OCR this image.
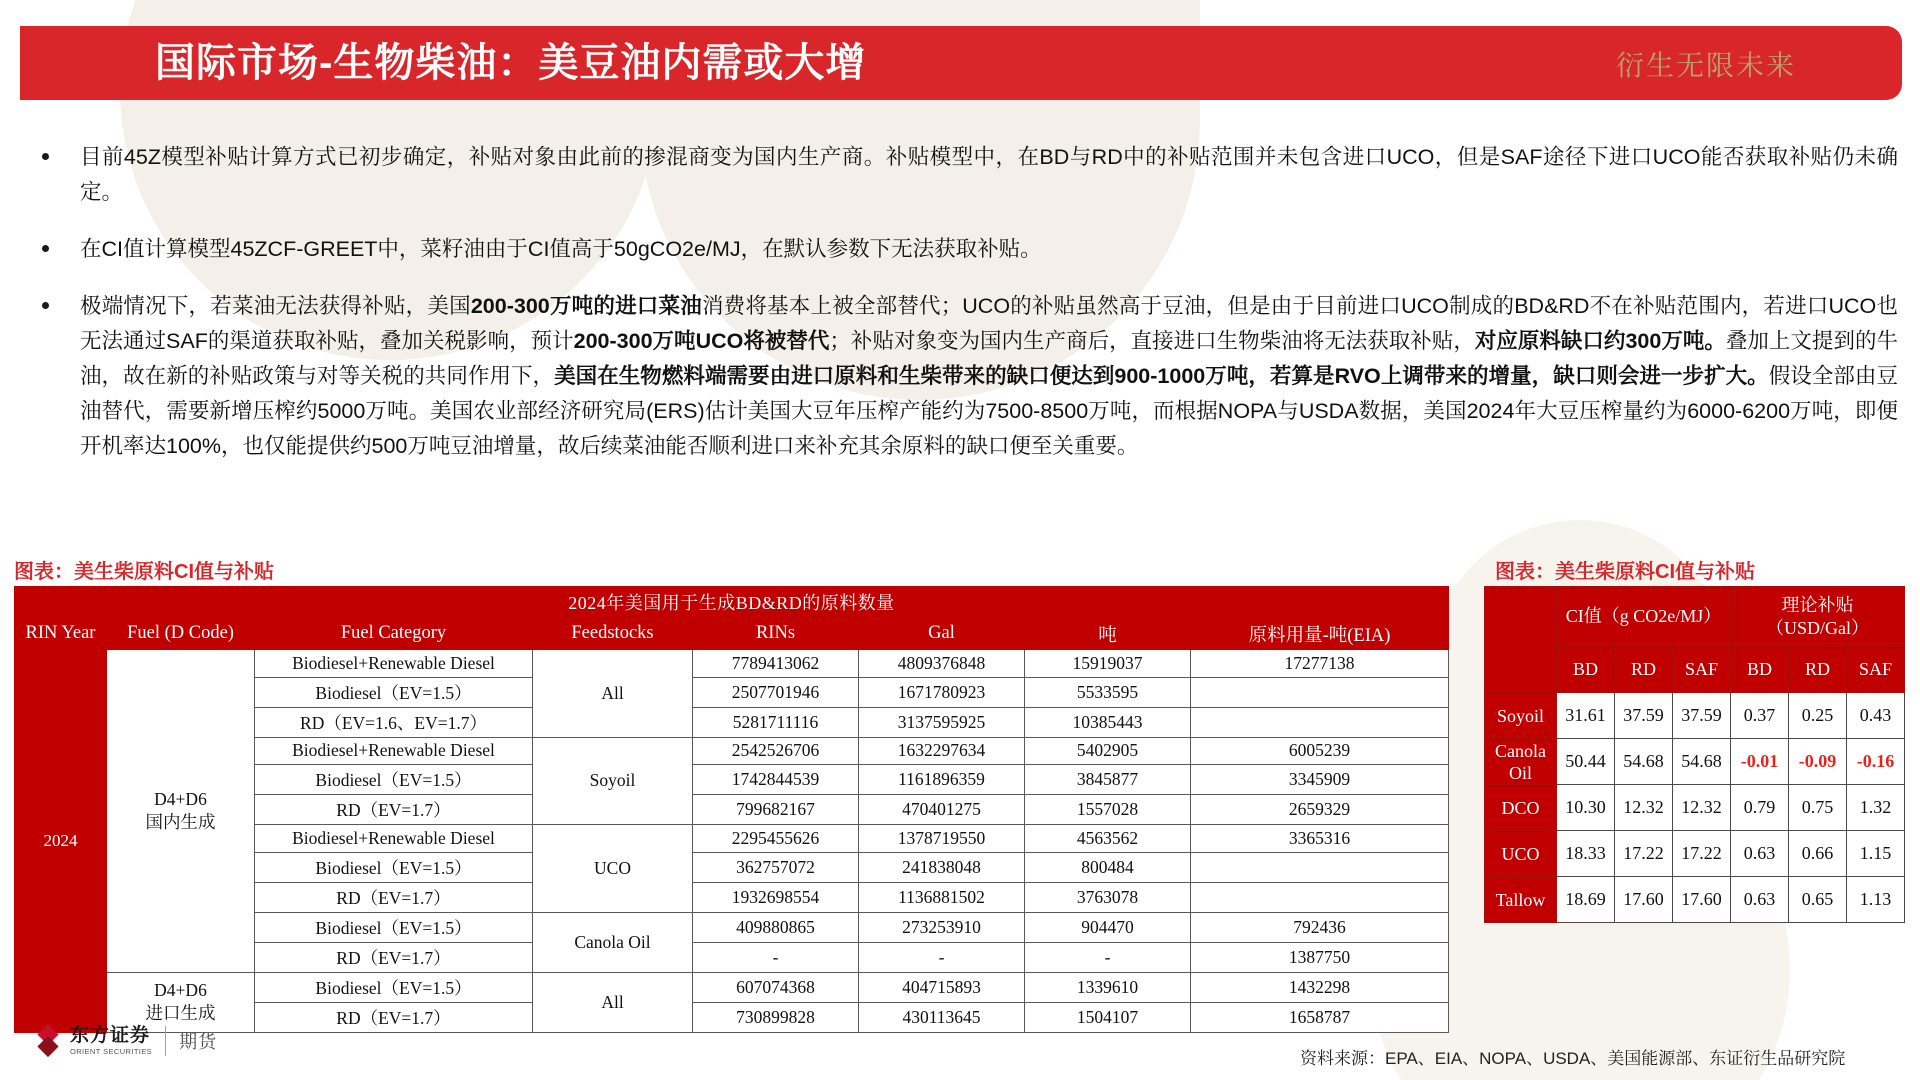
国际市场-生物柴油：美豆油内需或大增	衍生无限未来

目前45Z模型补贴计算方式已初步确定，补贴对象由此前的掺混商变为国内生产商。补贴模型中，在BD与RD中的补贴范围并未包含进口UCO，但是SAF途径下进口UCO能否获取补贴仍未确定。

在CI值计算模型45ZCF-GREET中，菜籽油由于CI值高于50gCO2e/MJ，在默认参数下无法获取补贴。

极端情况下，若菜油无法获得补贴，美国200-300万吨的进口菜油消费将基本上被全部替代；UCO的补贴虽然高于豆油，但是由于目前进口UCO制成的BD&RD不在补贴范围内，若进口UCO也无法通过SAF的渠道获取补贴，叠加关税影响，预计200-300万吨UCO将被替代；补贴对象变为国内生产商后，直接进口生物柴油将无法获取补贴，对应原料缺口约300万吨。叠加上文提到的牛油，故在新的补贴政策与对等关税的共同作用下，美国在生物燃料端需要由进口原料和生柴带来的缺口便达到900-1000万吨，若算是RVO上调带来的增量，缺口则会进一步扩大。假设全部由豆油替代，需要新增压榨约5000万吨。美国农业部经济研究局(ERS)估计美国大豆年压榨产能约为7500-8500万吨，而根据NOPA与USDA数据，美国2024年大豆压榨量约为6000-6200万吨，即便开机率达100%，也仅能提供约500万吨豆油增量，故后续菜油能否顺利进口来补充其余原料的缺口便至关重要。

图表：美生柴原料CI值与补贴	图表：美生柴原料CI值与补贴
2024年美国用于生成BD&RD的原料数量							
RIN Year	Fuel (D Code)	Fuel Category	Feedstocks	RINs	Gal	吨	原料用量-吨(EIA)
2024	D4+D6
国内生成	Biodiesel+Renewable Diesel	All	7789413062	4809376848	15919037	17277138
		Biodiesel（EV=1.5）		2507701946	1671780923	5533595	
		RD（EV=1.6、EV=1.7）		5281711116	3137595925	10385443	
		Biodiesel+Renewable Diesel	Soyoil	2542526706	1632297634	5402905	6005239
		Biodiesel（EV=1.5）		1742844539	1161896359	3845877	3345909
		RD（EV=1.7）		799682167	470401275	1557028	2659329
		Biodiesel+Renewable Diesel	UCO	2295455626	1378719550	4563562	3365316
		Biodiesel（EV=1.5）		362757072	241838048	800484	
		RD（EV=1.7）		1932698554	1136881502	3763078	
		Biodiesel（EV=1.5）	Canola Oil	409880865	273253910	904470	792436
		RD（EV=1.7）		-	-	-	1387750

	D4+D6
进口生成	Biodiesel（EV=1.5）	All	607074368	404715893	1339610	1432298
		RD（EV=1.7）		730899828	430113645	1504107	1658787

	CI值（g CO2e/MJ）			理论补贴
（USD/Gal）		

	BD	RD	SAF	BD	RD	SAF
Soyoil	31.61	37.59	37.59	0.37	0.25	0.43

Canola
Oil	50.44	54.68	54.68	-0.01	-0.09	-0.16
DCO	10.30	12.32	12.32	0.79	0.75	1.32
UCO	18.33	17.22	17.22	0.63	0.66	1.15
Tallow	18.69	17.60	17.60	0.63	0.65	1.13
资料来源：EPA、EIA、NOPA、USDA、美国能源部、东证衍生品研究院
东方证券
ORIENT SECURITIES 期货
